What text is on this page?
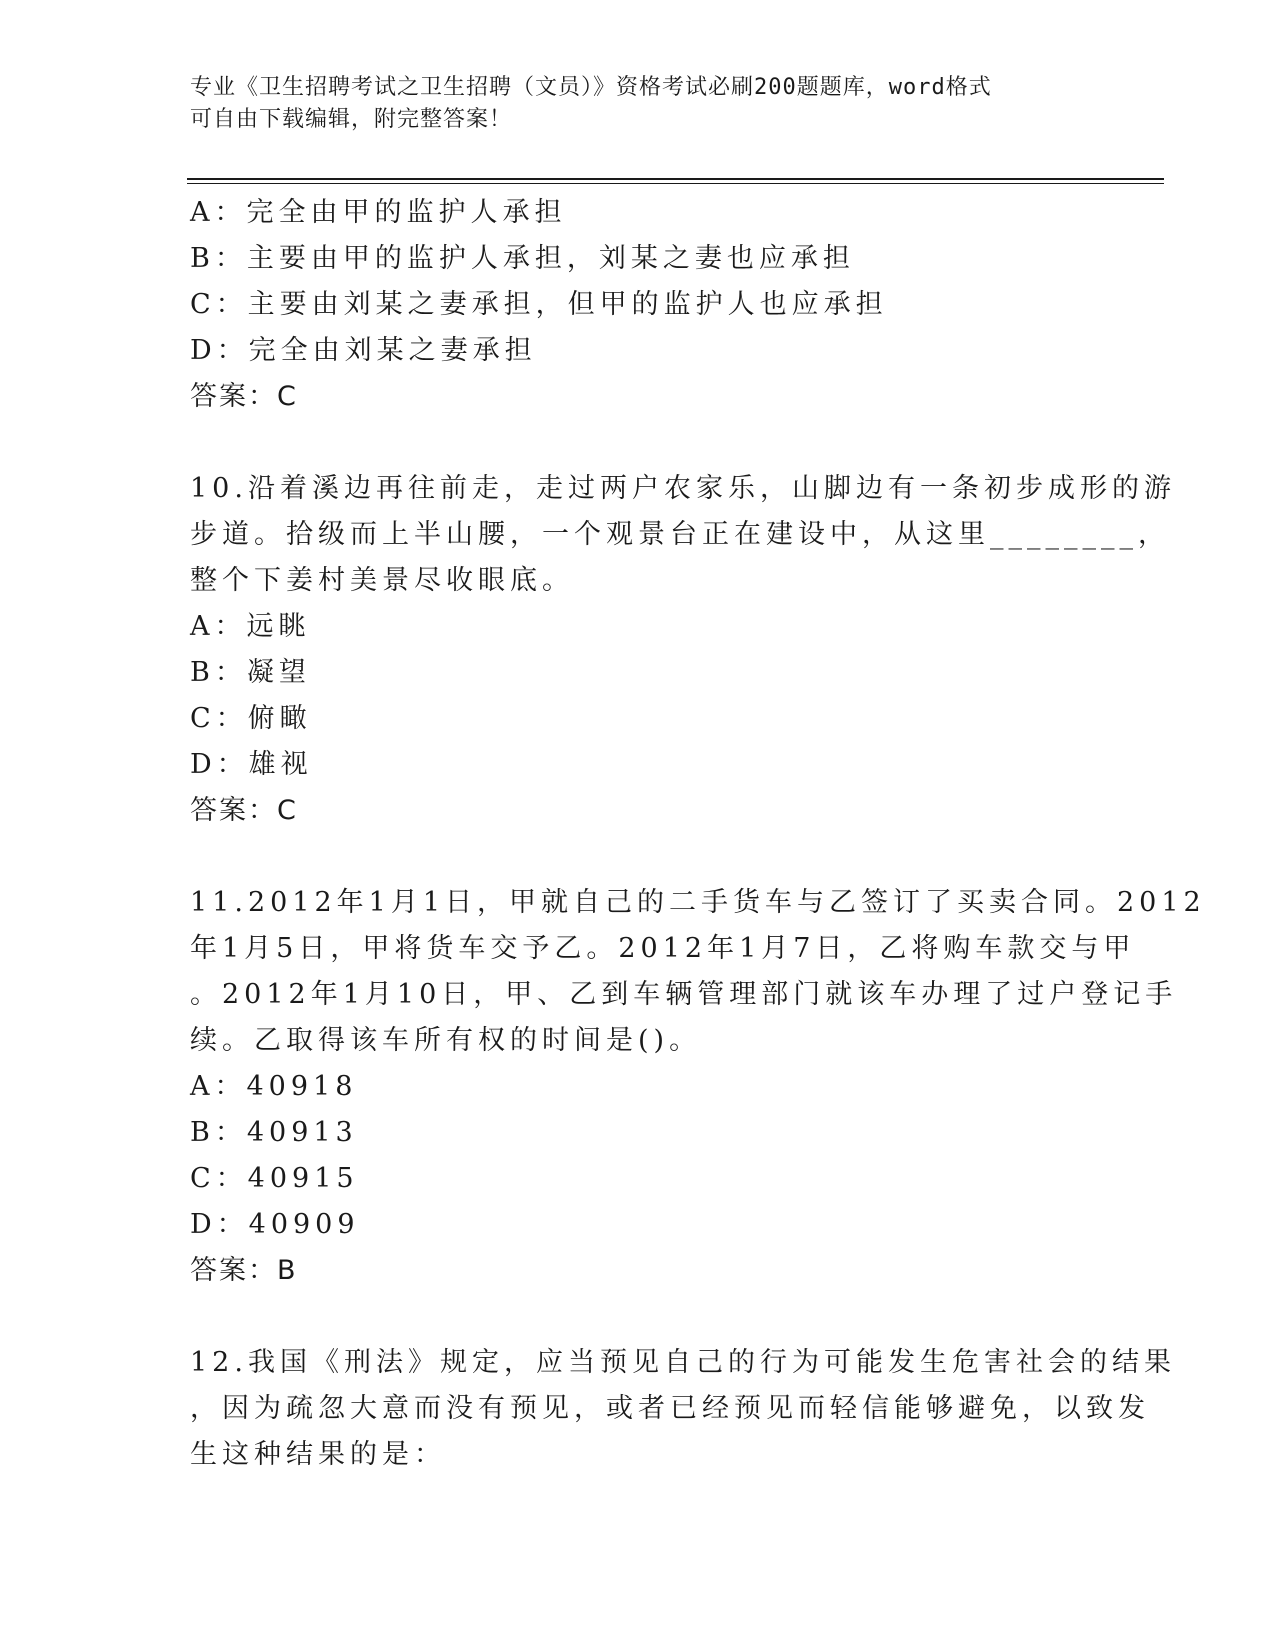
专业《卫生招聘考试之卫生招聘（文员）》资格考试必刷200题题库，word格式
可自由下载编辑，附完整答案！
A：完全由甲的监护人承担
B：主要由甲的监护人承担，刘某之妻也应承担
C：主要由刘某之妻承担，但甲的监护人也应承担
D：完全由刘某之妻承担
答案：C
10.沿着溪边再往前走，走过两户农家乐，山脚边有一条初步成形的游
步道。拾级而上半山腰，一个观景台正在建设中，从这里________，
整个下姜村美景尽收眼底。
A：远眺
B：凝望
C：俯瞰
D：雄视
答案：C
11.2012年1月1日，甲就自己的二手货车与乙签订了买卖合同。2012
年1月5日，甲将货车交予乙。2012年1月7日，乙将购车款交与甲
。2012年1月10日，甲、乙到车辆管理部门就该车办理了过户登记手
续。乙取得该车所有权的时间是()。
A：40918
B：40913
C：40915
D：40909
答案：B
12.我国《刑法》规定，应当预见自己的行为可能发生危害社会的结果
，因为疏忽大意而没有预见，或者已经预见而轻信能够避免，以致发
生这种结果的是：
